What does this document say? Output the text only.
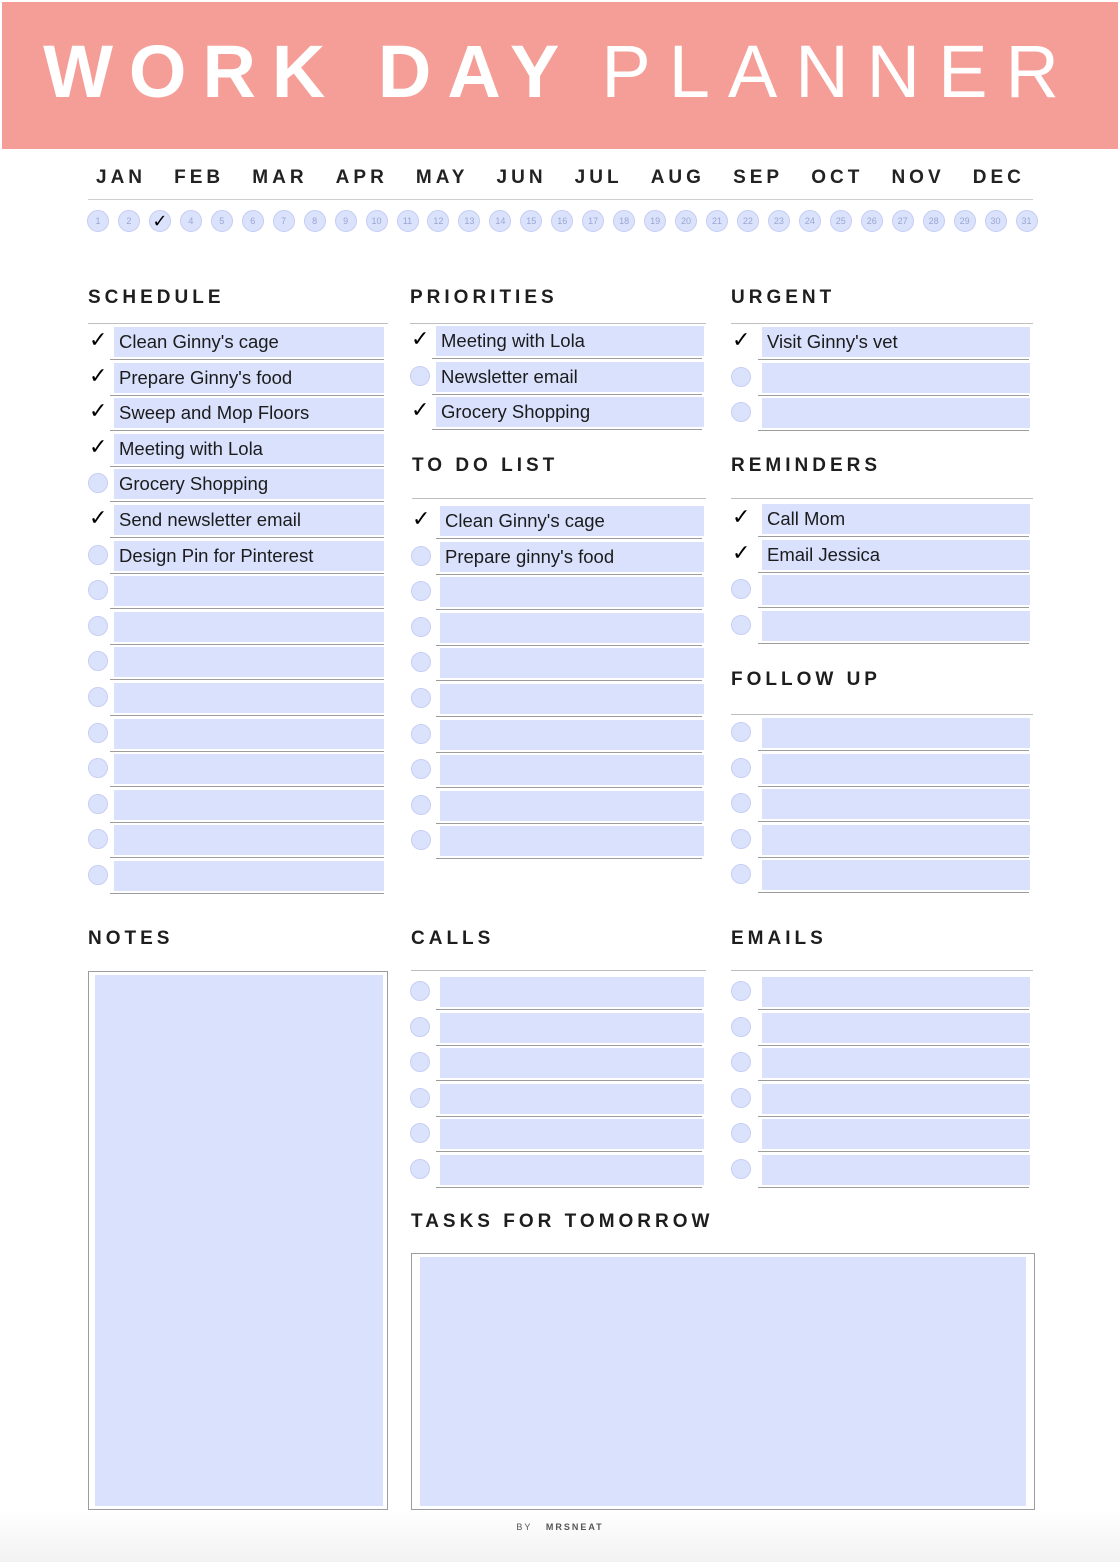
WORK DAY PLANNER
JAN	FEB	MAR	APR	MAY	JUN	JUL	AUG	SEP	OCT	NOV	DEC
1	2	✓	4	5	6	7	8	9	10	11	12	13	14	15	16	17	18	19	20	21	22	23	24	25	26	27	28	29	30	31
SCHEDULE	PRIORITIES	URGENT
TO DO LIST	REMINDERS
FOLLOW UP
NOTES	CALLS	EMAILS
TASKS FOR TOMORROW
✓
Clean Ginny's cage
✓
Prepare Ginny's food
✓
Sweep and Mop Floors
✓
Meeting with Lola
Grocery Shopping
✓
Send newsletter email
Design Pin for Pinterest
✓
Meeting with Lola
Newsletter email
✓
Grocery Shopping
✓
Visit Ginny's vet
✓
Clean Ginny's cage
Prepare ginny's food
✓
Call Mom
✓
Email Jessica
BY MRSNEAT
